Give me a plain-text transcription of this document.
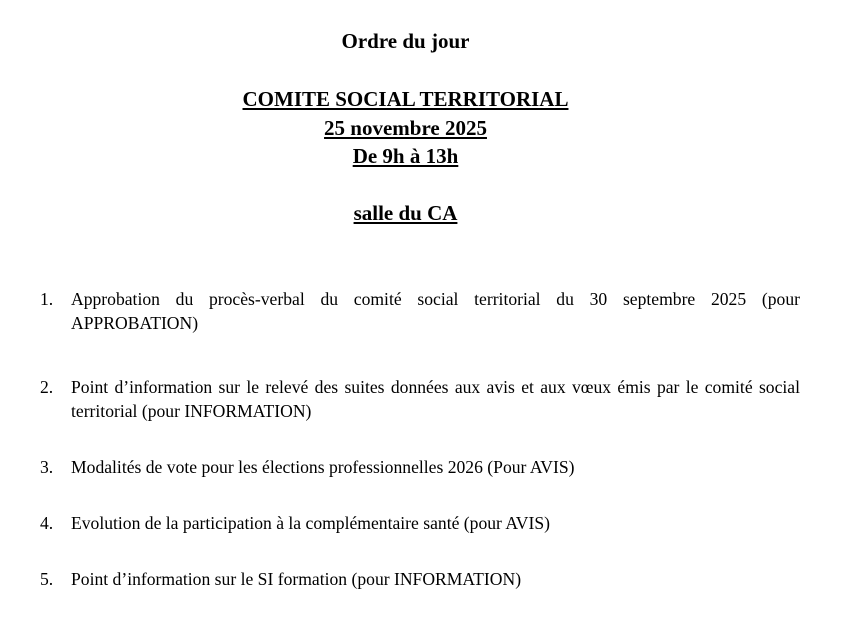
Ordre du jour
COMITE SOCIAL TERRITORIAL
25 novembre 2025
De 9h à 13h
salle du CA
1.	Approbation du procès-verbal du comité social territorial du 30 septembre 2025 (pour APPROBATION)
2.	Point d’information sur le relevé des suites données aux avis et aux vœux émis par le comité social territorial (pour INFORMATION)
3.	Modalités de vote pour les élections professionnelles 2026 (Pour AVIS)
4.	Evolution de la participation à la complémentaire santé (pour AVIS)
5.	Point d’information sur le SI formation (pour INFORMATION)
